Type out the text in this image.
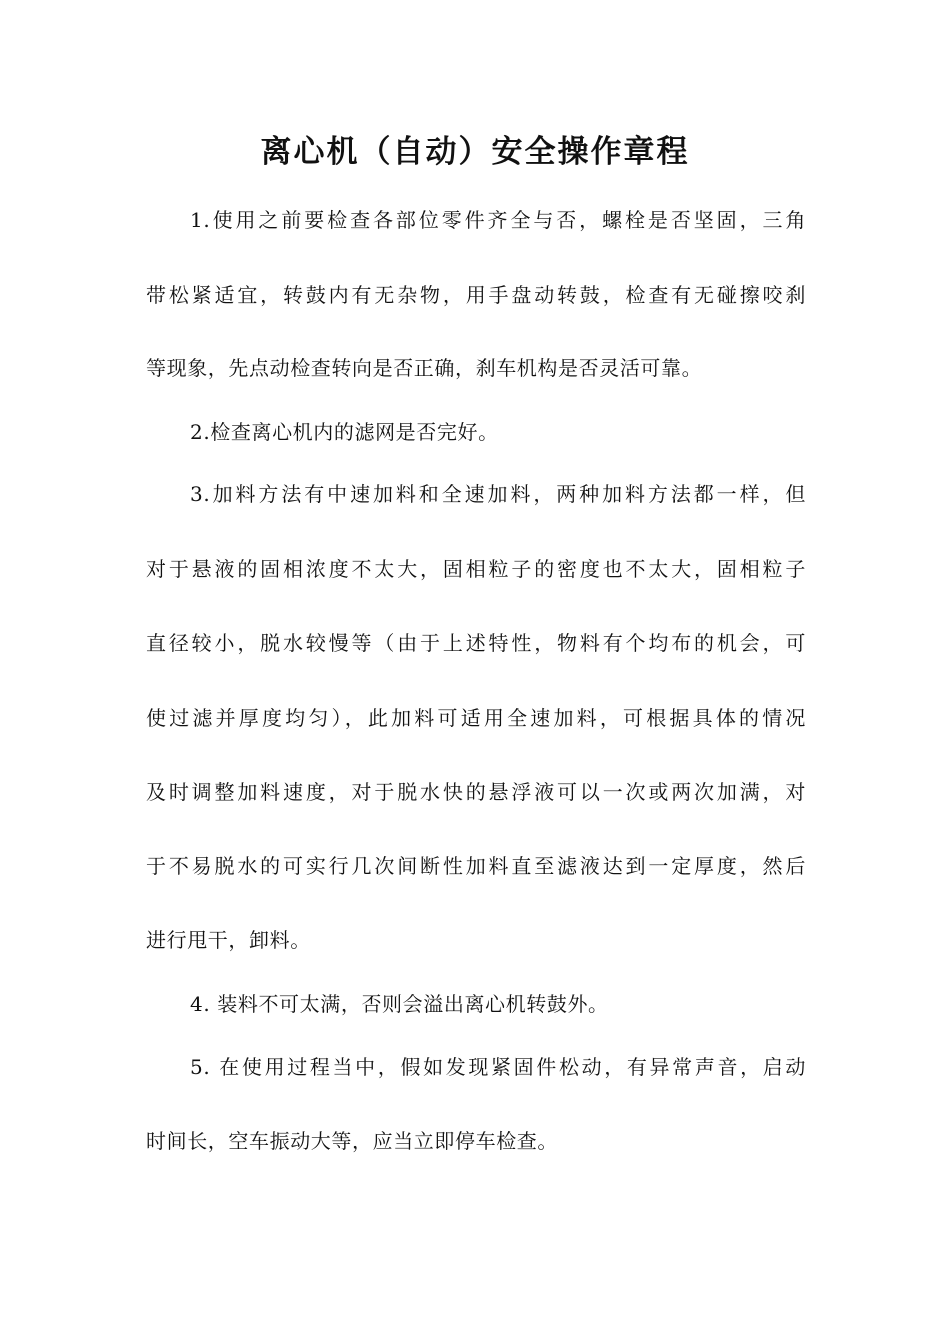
离心机（自动）安全操作章程

1.使用之前要检查各部位零件齐全与否，螺栓是否坚固，三角

带松紧适宜，转鼓内有无杂物，用手盘动转鼓，检查有无碰擦咬刹

等现象，先点动检查转向是否正确，刹车机构是否灵活可靠。

2.检查离心机内的滤网是否完好。

3.加料方法有中速加料和全速加料，两种加料方法都一样，但

对于悬液的固相浓度不太大，固相粒子的密度也不太大，固相粒子

直径较小，脱水较慢等（由于上述特性，物料有个均布的机会，可

使过滤并厚度均匀），此加料可适用全速加料，可根据具体的情况

及时调整加料速度，对于脱水快的悬浮液可以一次或两次加满，对

于不易脱水的可实行几次间断性加料直至滤液达到一定厚度，然后

进行甩干，卸料。

4. 装料不可太满，否则会溢出离心机转鼓外。

5. 在使用过程当中，假如发现紧固件松动，有异常声音，启动

时间长，空车振动大等，应当立即停车检查。
